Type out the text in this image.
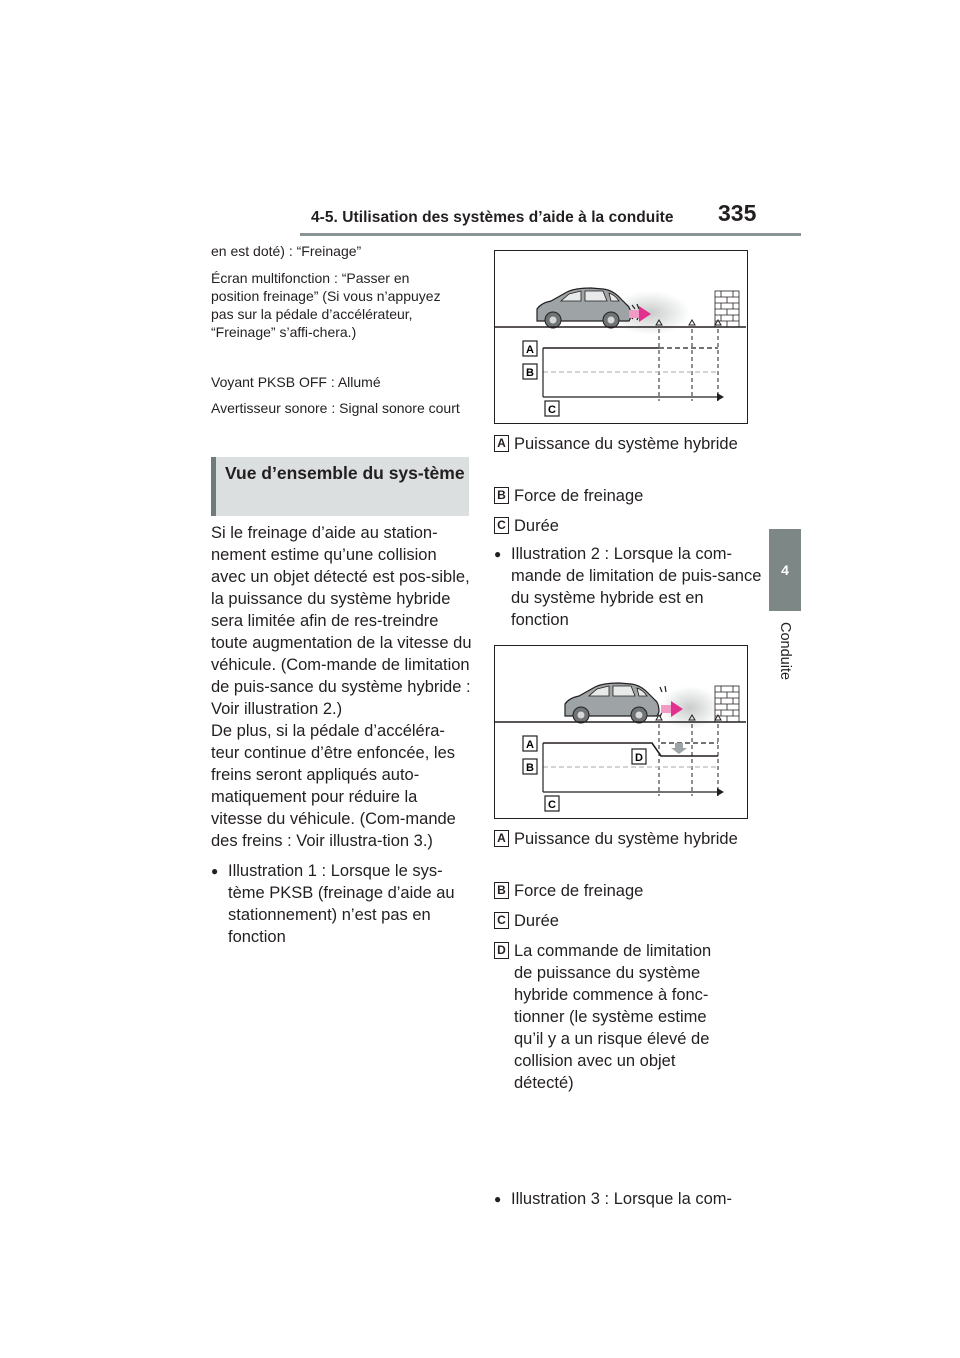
4-5. Utilisation des systèmes d’aide à la conduite 335
4
Conduite
en est doté) : “Freinage”
Écran multifonction : “Passer en position freinage” (Si vous n’appuyez pas sur la pédale d’accélérateur, “Freinage” s’affi-chera.)
Voyant PKSB OFF : Allumé
Avertisseur sonore : Signal sonore court
Vue d’ensemble du sys-tème
Si le freinage d’aide au station-nement estime qu’une collision avec un objet détecté est pos-sible, la puissance du système hybride sera limitée afin de res-treindre toute augmentation de la vitesse du véhicule. (Com-mande de limitation de puis-sance du système hybride : Voir illustration 2.)
De plus, si la pédale d’accéléra-teur continue d’être enfoncée, les freins seront appliqués auto-matiquement pour réduire la vitesse du véhicule. (Com-mande des freins : Voir illustra-tion 3.)
● Illustration 1 : Lorsque le sys-tème PKSB (freinage d’aide au stationnement) n’est pas en fonction
A
B
C
A Puissance du système hybride
B Force de freinage
C Durée
● Illustration 2 : Lorsque la com-mande de limitation de puis-sance du système hybride est en fonction
A
B
C
D
A Puissance du système hybride
B Force de freinage
C Durée
D La commande de limitation de puissance du système hybride commence à fonc-tionner (le système estime qu’il y a un risque élevé de collision avec un objet détecté)
● Illustration 3 : Lorsque la com-
